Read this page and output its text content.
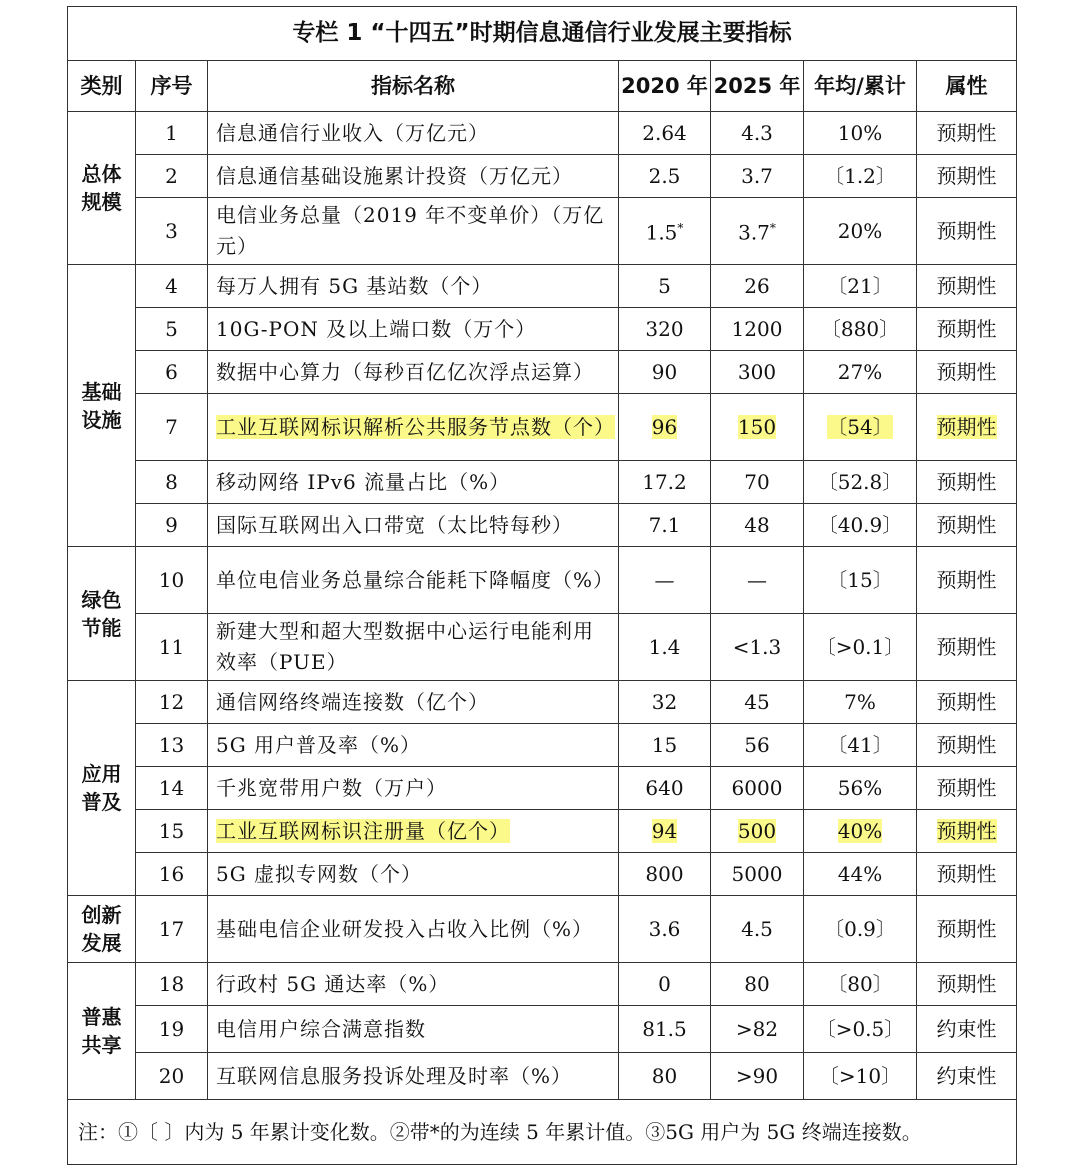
专栏 1 “十四五”时期信息通信行业发展主要指标						
类别	序号	指标名称	2020 年	2025 年	年均/累计	属性

总体
规模	1	信息通信行业收入（万亿元）	2.64	4.3	10%	预期性
	2	信息通信基础设施累计投资（万亿元）	2.5	3.7	〔1.2〕	预期性
	3	电信业务总量（2019 年不变单价）（万亿元）	1.5*	3.7*	20%	预期性

基础
设施	4	每万人拥有 5G 基站数（个）	5	26	〔21〕	预期性
	5	10G-PON 及以上端口数（万个）	320	1200	〔880〕	预期性
	6	数据中心算力（每秒百亿亿次浮点运算）	90	300	27%	预期性
	7	工业互联网标识解析公共服务节点数（个）	96	150	〔54〕	预期性
	8	移动网络 IPv6 流量占比（%）	17.2	70	〔52.8〕	预期性
	9	国际互联网出入口带宽（太比特每秒）	7.1	48	〔40.9〕	预期性

绿色
节能	10	单位电信业务总量综合能耗下降幅度（%）	—	—	〔15〕	预期性
	11	新建大型和超大型数据中心运行电能利用效率（PUE）	1.4	<1.3	〔>0.1〕	预期性

应用
普及	12	通信网络终端连接数（亿个）	32	45	7%	预期性
	13	5G 用户普及率（%）	15	56	〔41〕	预期性
	14	千兆宽带用户数（万户）	640	6000	56%	预期性
	15	工业互联网标识注册量（亿个）	94	500	40%	预期性
	16	5G 虚拟专网数（个）	800	5000	44%	预期性

创新
发展	17	基础电信企业研发投入占收入比例（%）	3.6	4.5	〔0.9〕	预期性

普惠
共享	18	行政村 5G 通达率（%）	0	80	〔80〕	预期性
	19	电信用户综合满意指数	81.5	>82	〔>0.5〕	约束性
	20	互联网信息服务投诉处理及时率（%）	80	>90	〔>10〕	约束性
注：①〔 〕内为 5 年累计变化数。②带*的为连续 5 年累计值。③5G 用户为 5G 终端连接数。						
